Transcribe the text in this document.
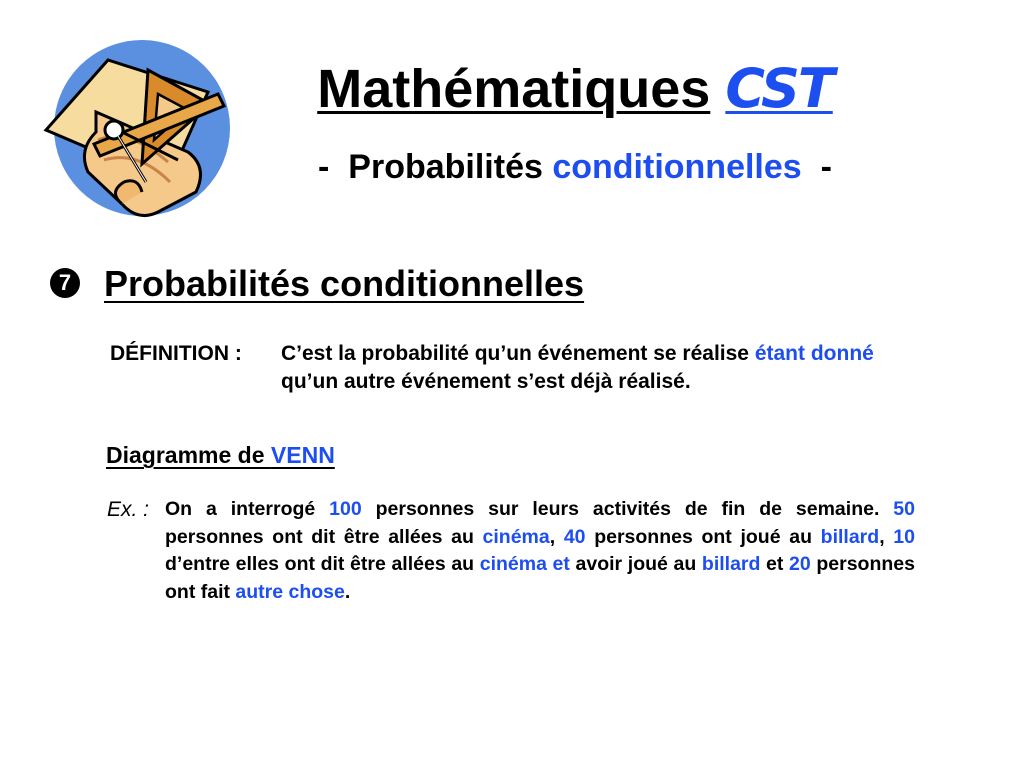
Mathématiques CST
- Probabilités conditionnelles -
7 Probabilités conditionnelles
DÉFINITION : C’est la probabilité qu’un événement se réalise étant donné qu’un autre événement s’est déjà réalisé.
Diagramme de VENN
Ex. : On a interrogé 100 personnes sur leurs activités de fin de semaine. 50 personnes ont dit être allées au cinéma, 40 personnes ont joué au billard, 10 d’entre elles ont dit être allées au cinéma et avoir joué au billard et 20 personnes ont fait autre chose.
